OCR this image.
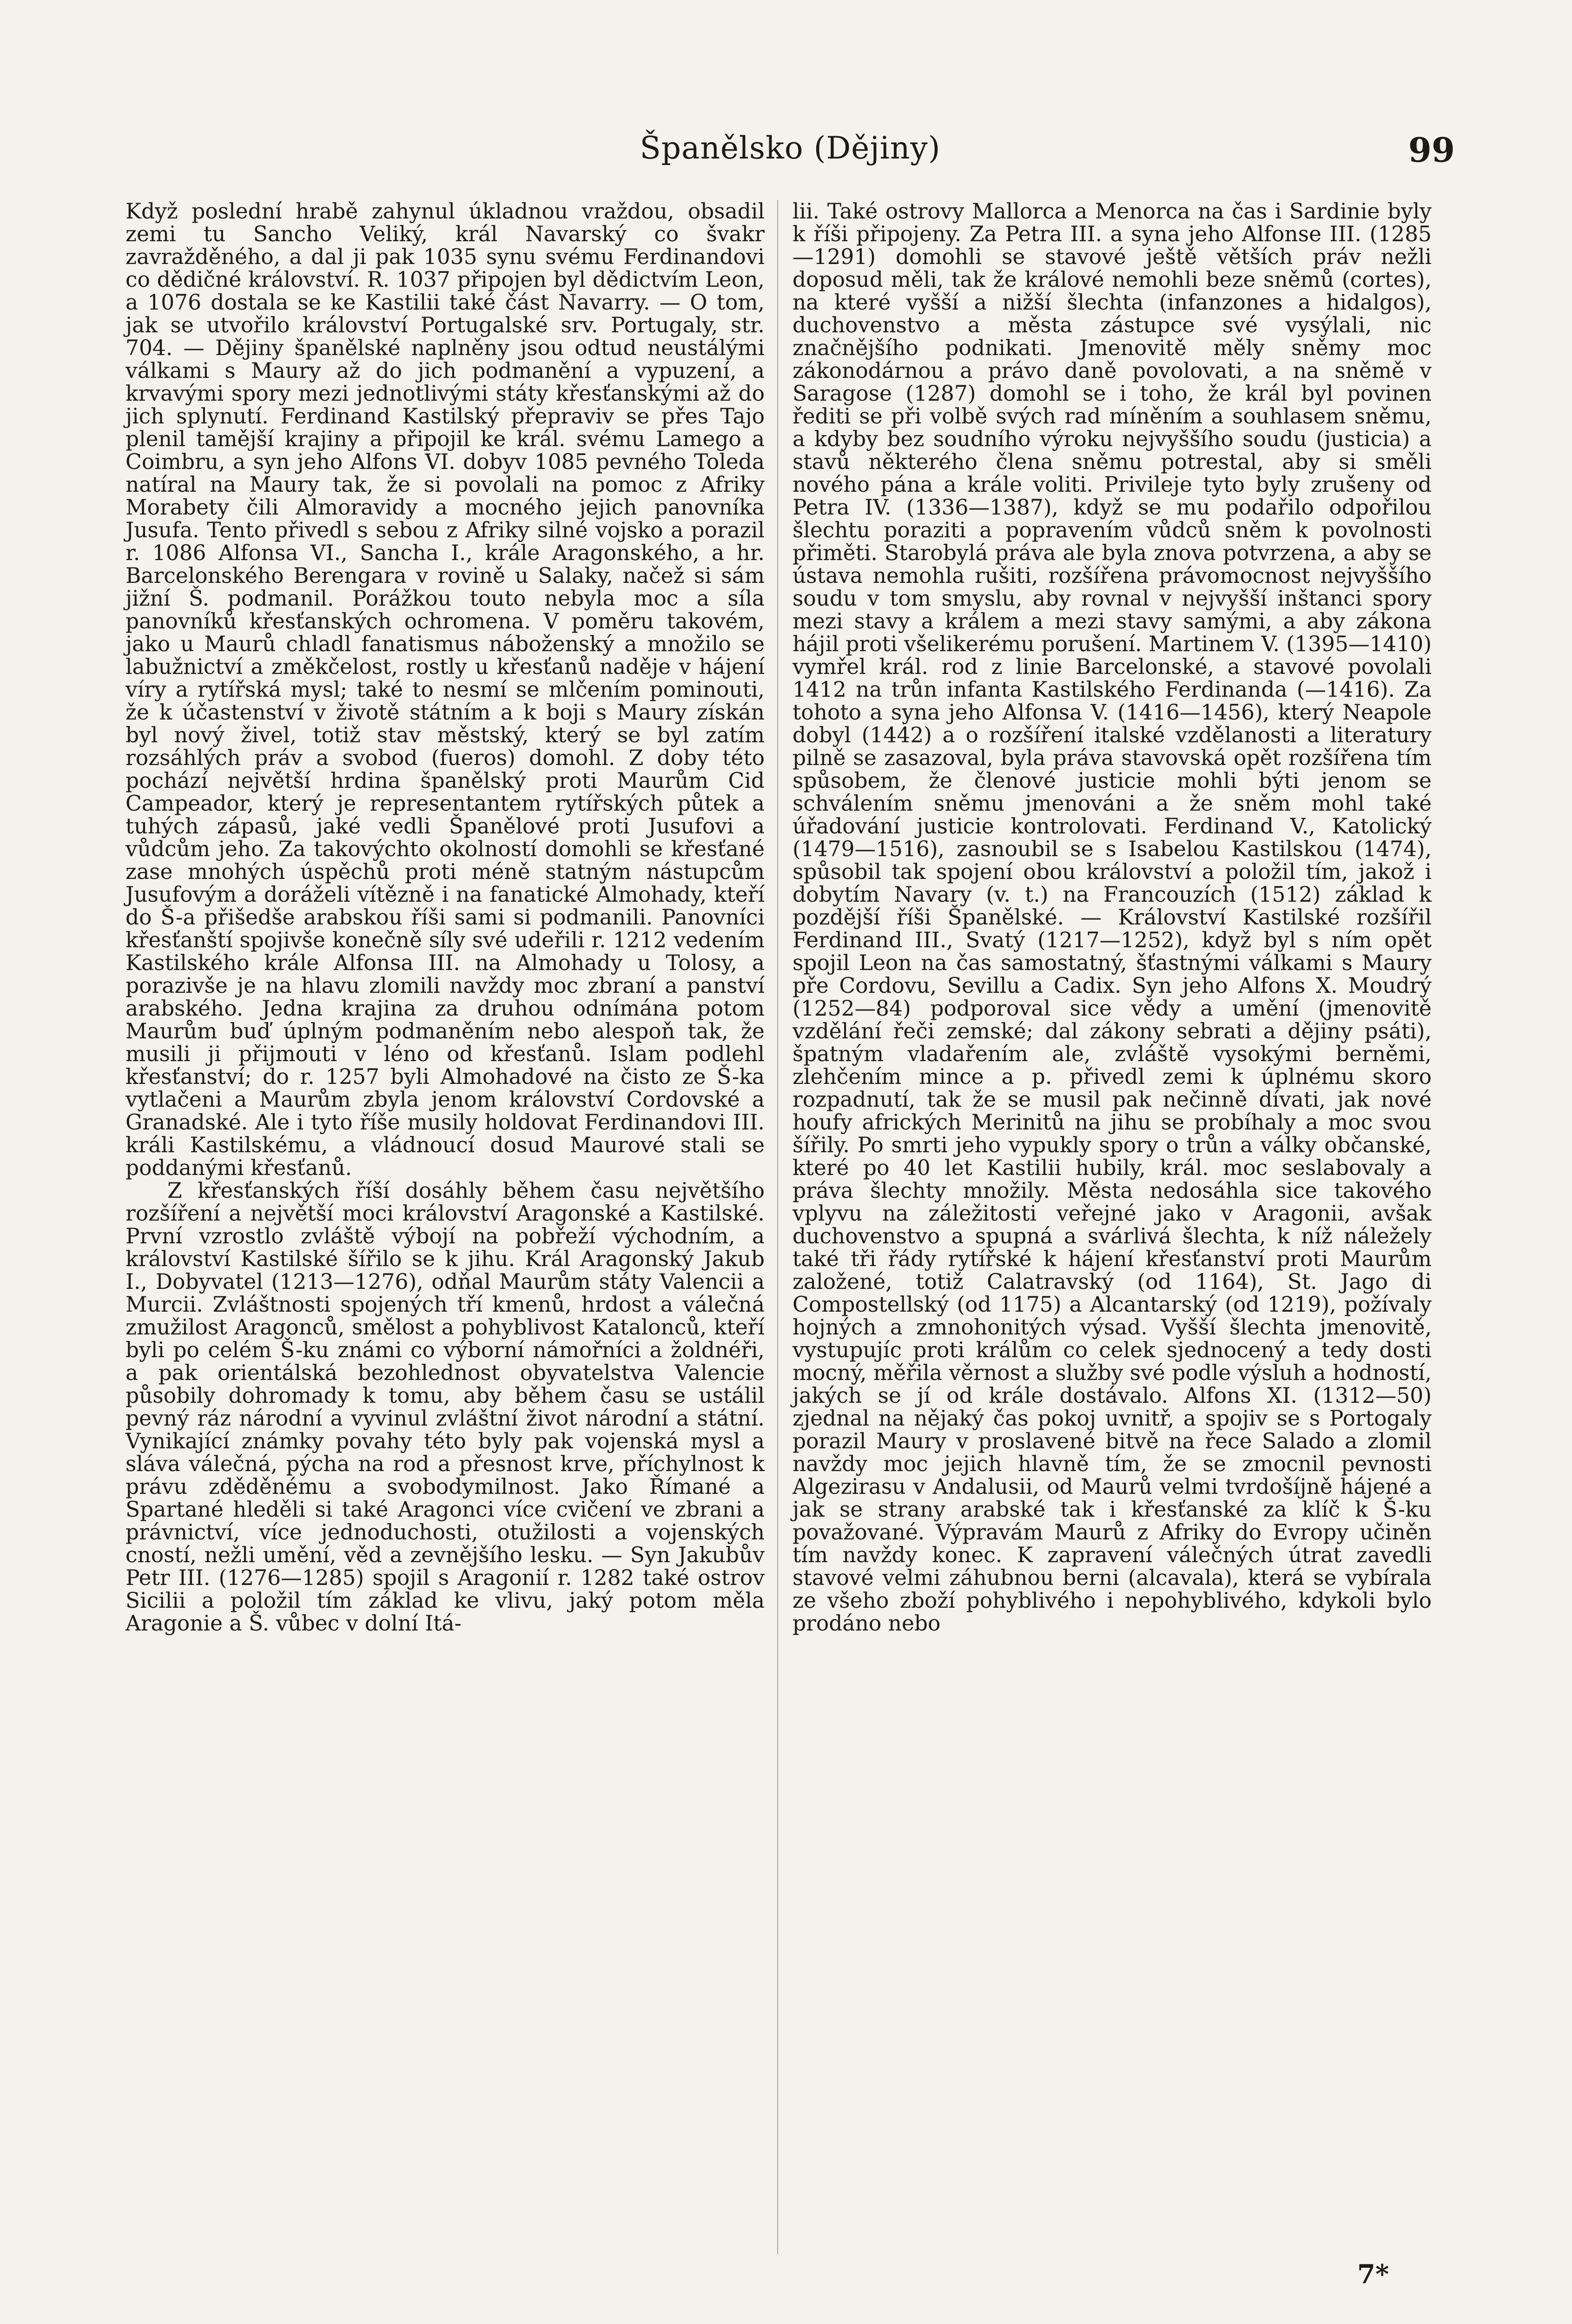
Španělsko (Dějiny)	99

Když poslední hrabě zahynul úkladnou vraždou, obsadil zemi tu Sancho Veliký, král Navarský co švakr zavražděného, a dal ji pak 1035 synu svému Ferdinandovi co dědičné království. R. 1037 připojen byl dědictvím Leon, a 1076 dostala se ke Kastilii také část Navarry. — O tom, jak se utvořilo království Portugalské srv. Portugaly, str. 704. — Dějiny španělské naplněny jsou odtud neustálými válkami s Maury až do jich podmanění a vypuzení, a krvavými spory mezi jednotlivými státy křesťanskými až do jich splynutí. Ferdinand Kastilský přepraviv se přes Tajo plenil tamější krajiny a připojil ke král. svému Lamego a Coimbru, a syn jeho Alfons VI. dobyv 1085 pevného Toleda natíral na Maury tak, že si povolali na pomoc z Afriky Morabety čili Almoravidy a mocného jejich panovníka Jusufa. Tento přivedl s sebou z Afriky silné vojsko a porazil r. 1086 Alfonsa VI., Sancha I., krále Aragonského, a hr. Barcelonského Berengara v rovině u Salaky, načež si sám jižní Š. podmanil. Porážkou touto nebyla moc a síla panovníků křesťanských ochromena. V poměru takovém, jako u Maurů chladl fanatismus náboženský a množilo se labužnictví a změkčelost, rostly u křesťanů naděje v hájení víry a rytířská mysl; také to nesmí se mlčením pominouti, že k účastenství v životě státním a k boji s Maury získán byl nový živel, totiž stav městský, který se byl zatím rozsáhlých práv a svobod (fueros) domohl. Z doby této pochází největší hrdina španělský proti Maurům Cid Campeador, který je representantem rytířských půtek a tuhých zápasů, jaké vedli Španělové proti Jusufovi a vůdcům jeho. Za takovýchto okolností domohli se křesťané zase mnohých úspěchů proti méně statným nástupcům Jusufovým a doráželi vítězně i na fanatické Almohady, kteří do Š-a přišedše arabskou říši sami si podmanili. Panovníci křesťanští spojivše konečně síly své udeřili r. 1212 vedením Kastilského krále Alfonsa III. na Almohady u Tolosy, a porazivše je na hlavu zlomili navždy moc zbraní a panství arabského. Jedna krajina za druhou odnímána potom Maurům buď úplným podmaněním nebo alespoň tak, že musili ji přijmouti v léno od křesťanů. Islam podlehl křesťanství; do r. 1257 byli Almohadové na čisto ze Š-ka vytlačeni a Maurům zbyla jenom království Cordovské a Granadské. Ale i tyto říše musily holdovat Ferdinandovi III. králi Kastilskému, a vládnoucí dosud Maurové stali se poddanými křesťanů.

Z křesťanských říší dosáhly během času největšího rozšíření a největší moci království Aragonské a Kastilské. První vzrostlo zvláště výbojí na pobřeží východním, a království Kastilské šířilo se k jihu. Král Aragonský Jakub I., Dobyvatel (1213—1276), odňal Maurům státy Valencii a Murcii. Zvláštnosti spojených tří kmenů, hrdost a válečná zmužilost Aragonců, smělost a pohyblivost Katalonců, kteří byli po celém Š-ku známi co výborní námořníci a žoldnéři, a pak orientálská bezohlednost obyvatelstva Valencie působily dohromady k tomu, aby během času se ustálil pevný ráz národní a vyvinul zvláštní život národní a státní. Vynikající známky povahy této byly pak vojenská mysl a sláva válečná, pýcha na rod a přesnost krve, příchylnost k právu zděděnému a svobodymilnost. Jako Římané a Spartané hleděli si také Aragonci více cvičení ve zbrani a právnictví, více jednoduchosti, otužilosti a vojenských cností, nežli umění, věd a zevnějšího lesku. — Syn Jakubův Petr III. (1276—1285) spojil s Aragonií r. 1282 také ostrov Sicilii a položil tím základ ke vlivu, jaký potom měla Aragonie a Š. vůbec v dolní Itá-

lii. Také ostrovy Mallorca a Menorca na čas i Sardinie byly k říši připojeny. Za Petra III. a syna jeho Alfonse III. (1285—1291) domohli se stavové ještě větších práv nežli doposud měli, tak že králové nemohli beze sněmů (cortes), na které vyšší a nižší šlechta (infanzones a hidalgos), duchovenstvo a města zástupce své vysýlali, nic značnějšího podnikati. Jmenovitě měly sněmy moc zákonodárnou a právo daně povolovati, a na sněmě v Saragose (1287) domohl se i toho, že král byl povinen řediti se při volbě svých rad míněním a souhlasem sněmu, a kdyby bez soudního výroku nejvyššího soudu (justicia) a stavů některého člena sněmu potrestal, aby si směli nového pána a krále voliti. Privileje tyto byly zrušeny od Petra IV. (1336—1387), když se mu podařilo odpořilou šlechtu poraziti a popravením vůdců sněm k povolnosti přiměti. Starobylá práva ale byla znova potvrzena, a aby se ústava nemohla rušiti, rozšířena právomocnost nejvyššího soudu v tom smyslu, aby rovnal v nejvyšší inštanci spory mezi stavy a králem a mezi stavy samými, a aby zákona hájil proti všelikerému porušení. Martinem V. (1395—1410) vymřel král. rod z linie Barcelonské, a stavové povolali 1412 na trůn infanta Kastilského Ferdinanda (—1416). Za tohoto a syna jeho Alfonsa V. (1416—1456), který Neapole dobyl (1442) a o rozšíření italské vzdělanosti a literatury pilně se zasazoval, byla práva stavovská opět rozšířena tím spůsobem, že členové justicie mohli býti jenom se schválením sněmu jmenováni a že sněm mohl také úřadování justicie kontrolovati. Ferdinand V., Katolický (1479—1516), zasnoubil se s Isabelou Kastilskou (1474), spůsobil tak spojení obou království a položil tím, jakož i dobytím Navary (v. t.) na Francouzích (1512) základ k pozdější říši Španělské. — Království Kastilské rozšířil Ferdinand III., Svatý (1217—1252), když byl s ním opět spojil Leon na čas samostatný, šťastnými válkami s Maury pře Cordovu, Sevillu a Cadix. Syn jeho Alfons X. Moudrý (1252—84) podporoval sice vědy a umění (jmenovitě vzdělání řeči zemské; dal zákony sebrati a dějiny psáti), špatným vladařením ale, zvláště vysokými berněmi, zlehčením mince a p. přivedl zemi k úplnému skoro rozpadnutí, tak že se musil pak nečinně dívati, jak nové houfy afrických Merinitů na jihu se probíhaly a moc svou šířily. Po smrti jeho vypukly spory o trůn a války občanské, které po 40 let Kastilii hubily, král. moc seslabovaly a práva šlechty množily. Města nedosáhla sice takového vplyvu na záležitosti veřejné jako v Aragonii, avšak duchovenstvo a spupná a svárlivá šlechta, k níž náležely také tři řády rytířské k hájení křesťanství proti Maurům založené, totiž Calatravský (od 1164), St. Jago di Compostellský (od 1175) a Alcantarský (od 1219), požívaly hojných a zmnohonitých výsad. Vyšší šlechta jmenovitě, vystupujíc proti králům co celek sjednocený a tedy dosti mocný, měřila věrnost a služby své podle výsluh a hodností, jakých se jí od krále dostávalo. Alfons XI. (1312—50) zjednal na nějaký čas pokoj uvnitř, a spojiv se s Portogaly porazil Maury v proslavené bitvě na řece Salado a zlomil navždy moc jejich hlavně tím, že se zmocnil pevnosti Algezirasu v Andalusii, od Maurů velmi tvrdošíjně hájené a jak se strany arabské tak i křesťanské za klíč k Š-ku považované. Výpravám Maurů z Afriky do Evropy učiněn tím navždy konec. K zapravení válečných útrat zavedli stavové velmi záhubnou berni (alcavala), která se vybírala ze všeho zboží pohyblivého i nepohyblivého, kdykoli bylo prodáno nebo

7*
